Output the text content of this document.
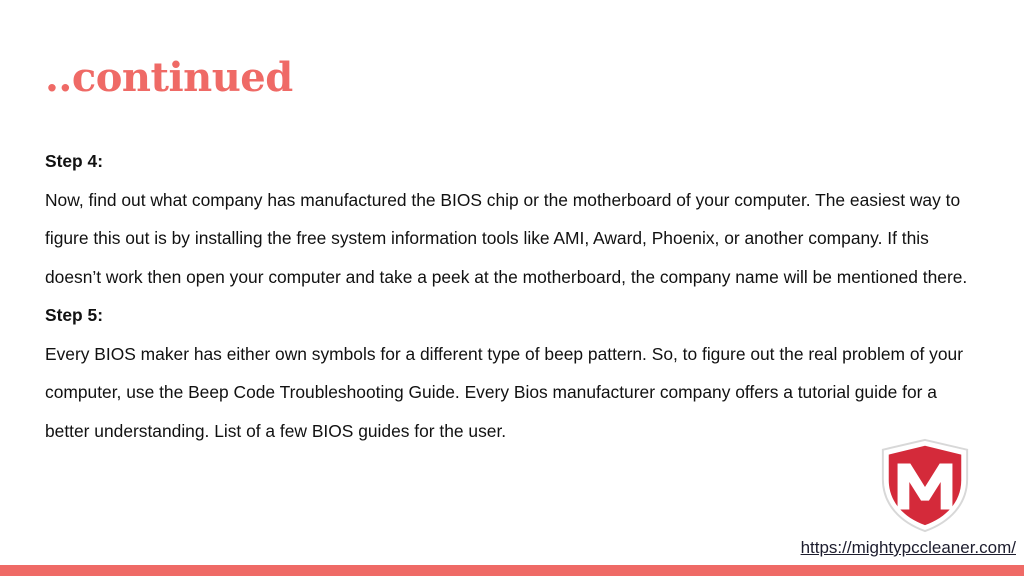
..continued

Step 4:

Now, find out what company has manufactured the BIOS chip or the motherboard of your computer. The easiest way to figure this out is by installing the free system information tools like AMI, Award, Phoenix, or another company. If this doesn’t work then open your computer and take a peek at the motherboard, the company name will be mentioned there.

Step 5:

Every BIOS maker has either own symbols for a different type of beep pattern. So, to figure out the real problem of your computer, use the Beep Code Troubleshooting Guide. Every Bios manufacturer company offers a tutorial guide for a better understanding. List of a few BIOS guides for the user.

https://mightypccleaner.com/
